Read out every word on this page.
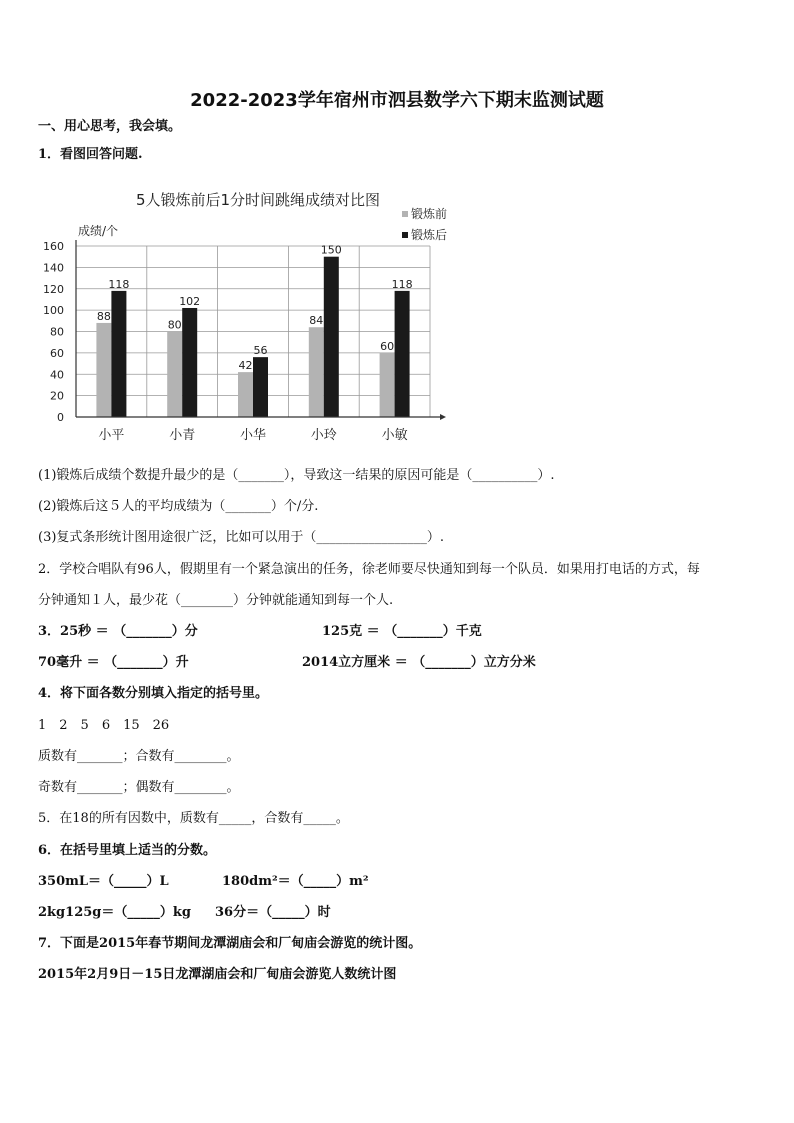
2022-2023学年宿州市泗县数学六下期末监测试题
一、用心思考，我会填。
1．看图回答问题.
5人锻炼前后1分时间跳绳成绩对比图
成绩/个
88
118
80
102
42
56
84
150
60
118
0
20
40
60
80
100
120
140
160
小平	小青	小华	小玲	小敏
锻炼前
锻炼后
(1)锻炼后成绩个数提升最少的是（_______），导致这一结果的原因可能是（__________）.
(2)锻炼后这５人的平均成绩为（_______）个/分.
(3)复式条形统计图用途很广泛，比如可以用于（_________________）.
2．学校合唱队有96人，假期里有一个紧急演出的任务，徐老师要尽快通知到每一个队员．如果用打电话的方式，每
分钟通知１人，最少花（________）分钟就能通知到每一个人.
3．25秒 ＝ （_______）分	125克 ＝ （_______）千克
70毫升 ＝ （_______）升	2014立方厘米 ＝ （_______）立方分米
4．将下面各数分别填入指定的括号里。
1　2　5　6　15　26
质数有_______；合数有________。
奇数有_______；偶数有________。
5．在18的所有因数中，质数有_____，合数有_____。
6．在括号里填上适当的分数。
350mL＝（_____）L	180dm²＝（_____）m²
2kg125g＝（_____）kg 36分＝（_____）时
7．下面是2015年春节期间龙潭湖庙会和厂甸庙会游览的统计图。
2015年2月9日－15日龙潭湖庙会和厂甸庙会游览人数统计图
